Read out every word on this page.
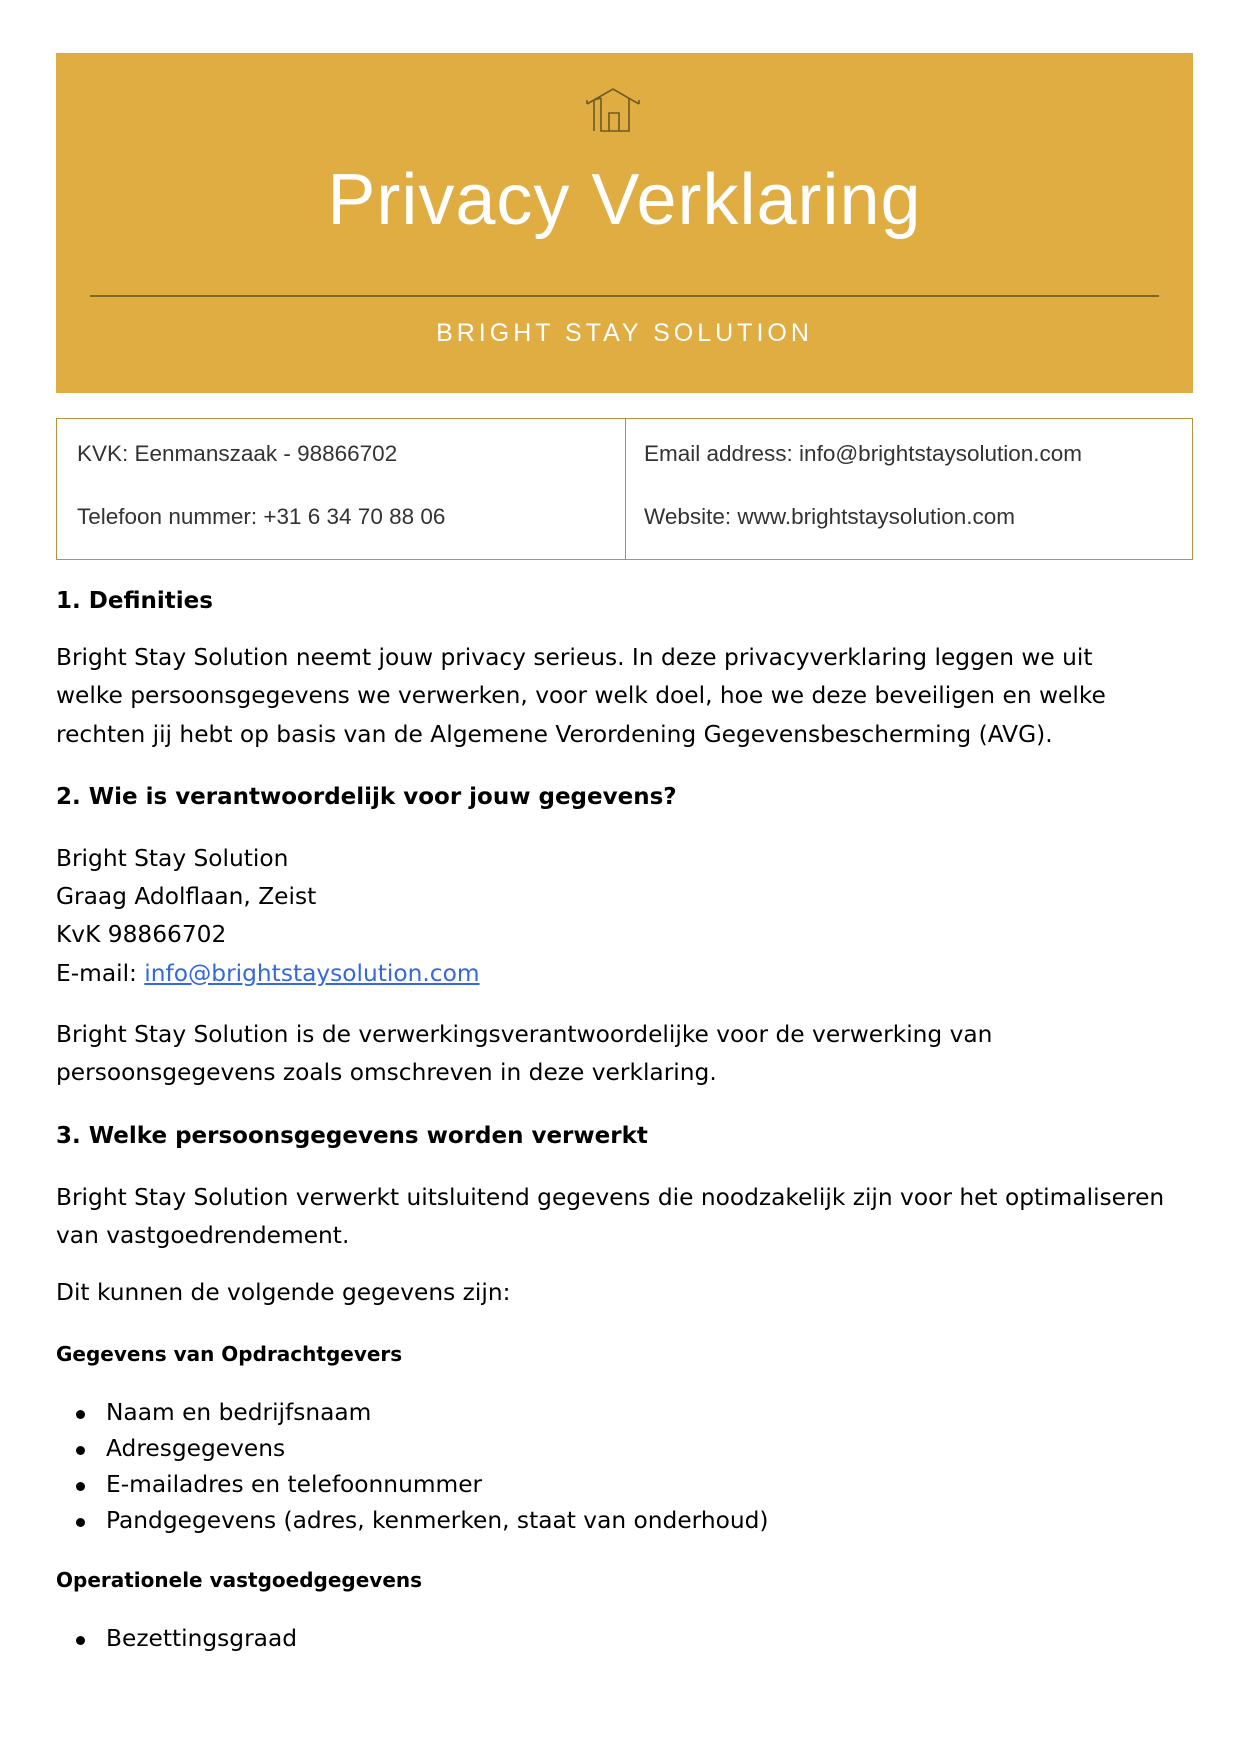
Privacy Verklaring
BRIGHT STAY SOLUTION
KVK: Eenmanszaak - 98866702
Telefoon nummer: +31 6 34 70 88 06
Email address: info@brightstaysolution.com
Website: www.brightstaysolution.com
1. Definities

Bright Stay Solution neemt jouw privacy serieus. In deze privacyverklaring leggen we uit welke persoonsgegevens we verwerken, voor welk doel, hoe we deze beveiligen en welke rechten jij hebt op basis van de Algemene Verordening Gegevensbescherming (AVG).

2. Wie is verantwoordelijk voor jouw gegevens?
Bright Stay Solution
Graag Adolflaan, Zeist
KvK 98866702
E-mail: info@brightstaysolution.com

Bright Stay Solution is de verwerkingsverantwoordelijke voor de verwerking van persoonsgegevens zoals omschreven in deze verklaring.

3. Welke persoonsgegevens worden verwerkt

Bright Stay Solution verwerkt uitsluitend gegevens die noodzakelijk zijn voor het optimaliseren van vastgoedrendement.

Dit kunnen de volgende gegevens zijn:

Gegevens van Opdrachtgevers
Naam en bedrijfsnaam
Adresgegevens
E-mailadres en telefoonnummer
Pandgegevens (adres, kenmerken, staat van onderhoud)
Operationele vastgoedgegevens
Bezettingsgraad
